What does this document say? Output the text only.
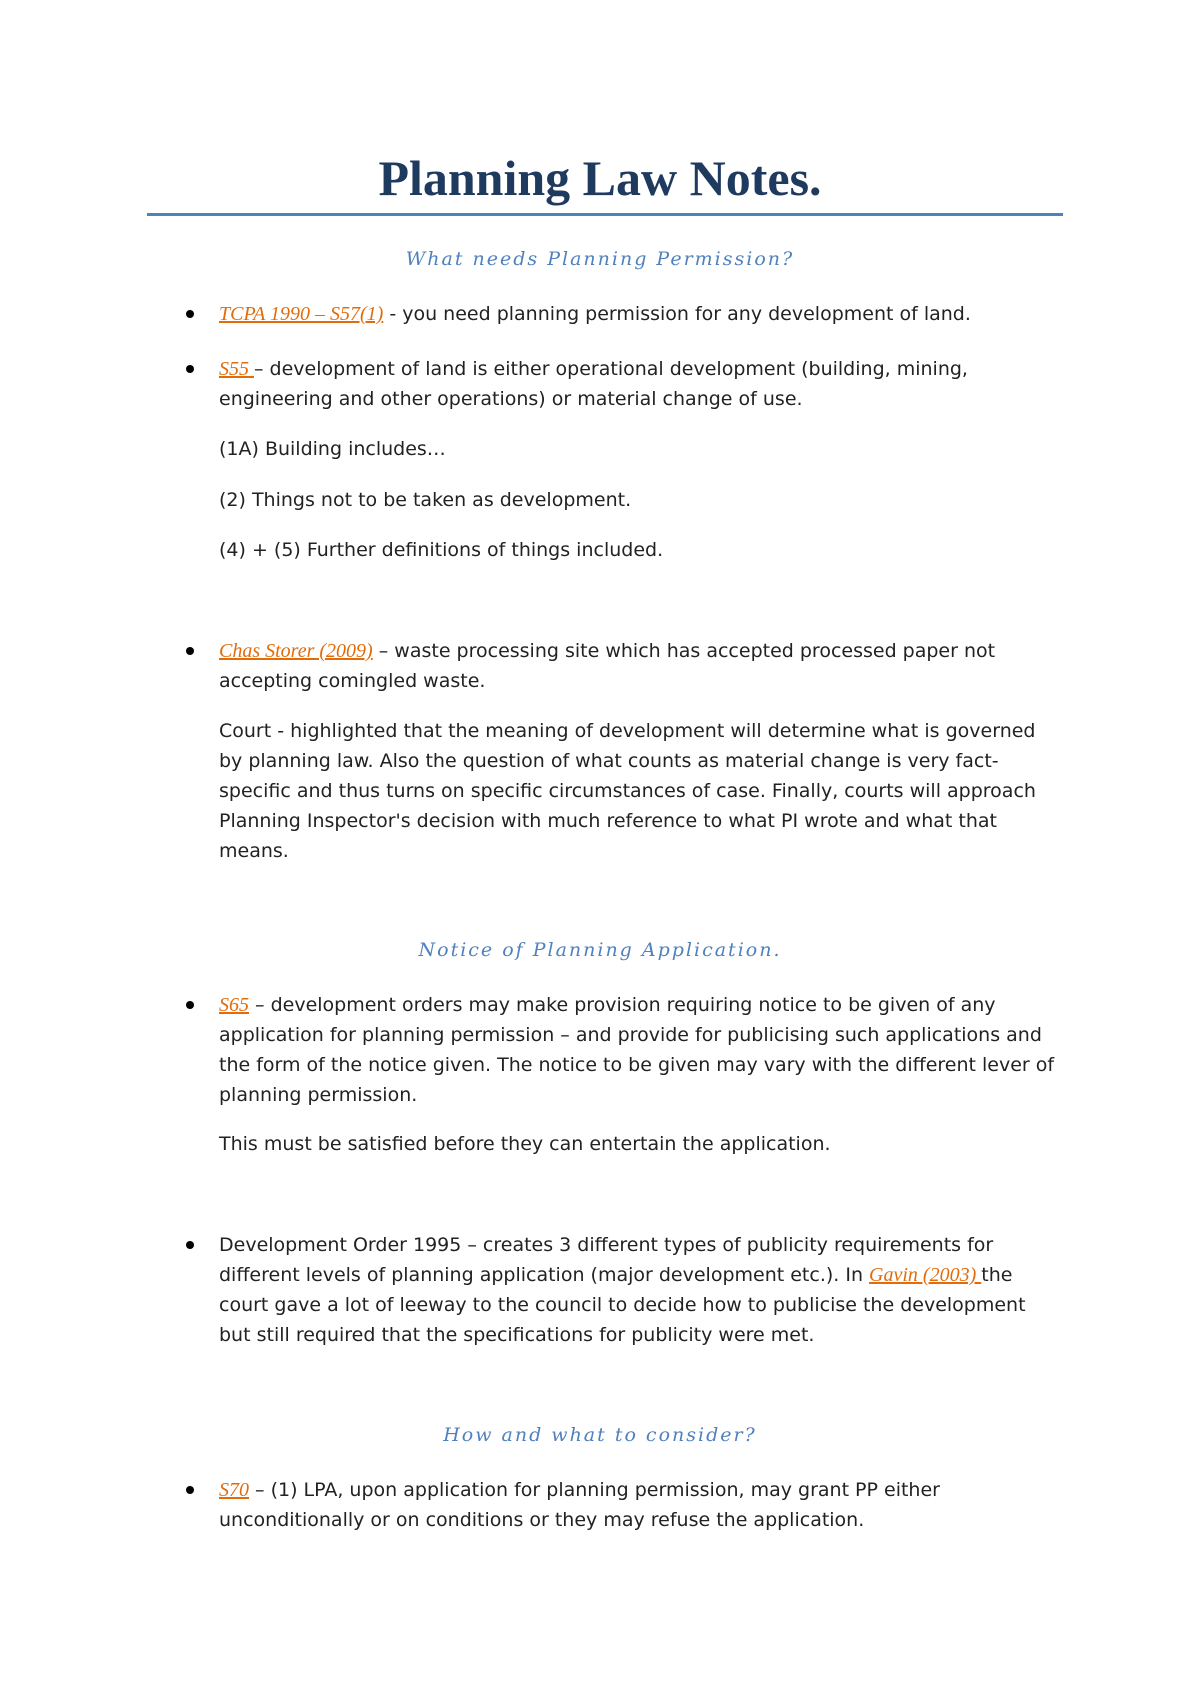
Planning Law Notes.
What needs Planning Permission?
TCPA 1990 – S57(1) - you need planning permission for any development of land.
S55 – development of land is either operational development (building, mining, engineering and other operations) or material change of use.
(1A) Building includes…
(2) Things not to be taken as development.
(4) + (5) Further definitions of things included.
Chas Storer (2009) – waste processing site which has accepted processed paper not accepting comingled waste.
Court - highlighted that the meaning of development will determine what is governed by planning law. Also the question of what counts as material change is very fact-specific and thus turns on specific circumstances of case. Finally, courts will approach Planning Inspector's decision with much reference to what PI wrote and what that means.
Notice of Planning Application.
S65 – development orders may make provision requiring notice to be given of any application for planning permission – and provide for publicising such applications and the form of the notice given. The notice to be given may vary with the different lever of planning permission.
This must be satisfied before they can entertain the application.
Development Order 1995 – creates 3 different types of publicity requirements for different levels of planning application (major development etc.). In Gavin (2003) the court gave a lot of leeway to the council to decide how to publicise the development but still required that the specifications for publicity were met.
How and what to consider?
S70 – (1) LPA, upon application for planning permission, may grant PP either unconditionally or on conditions or they may refuse the application.
